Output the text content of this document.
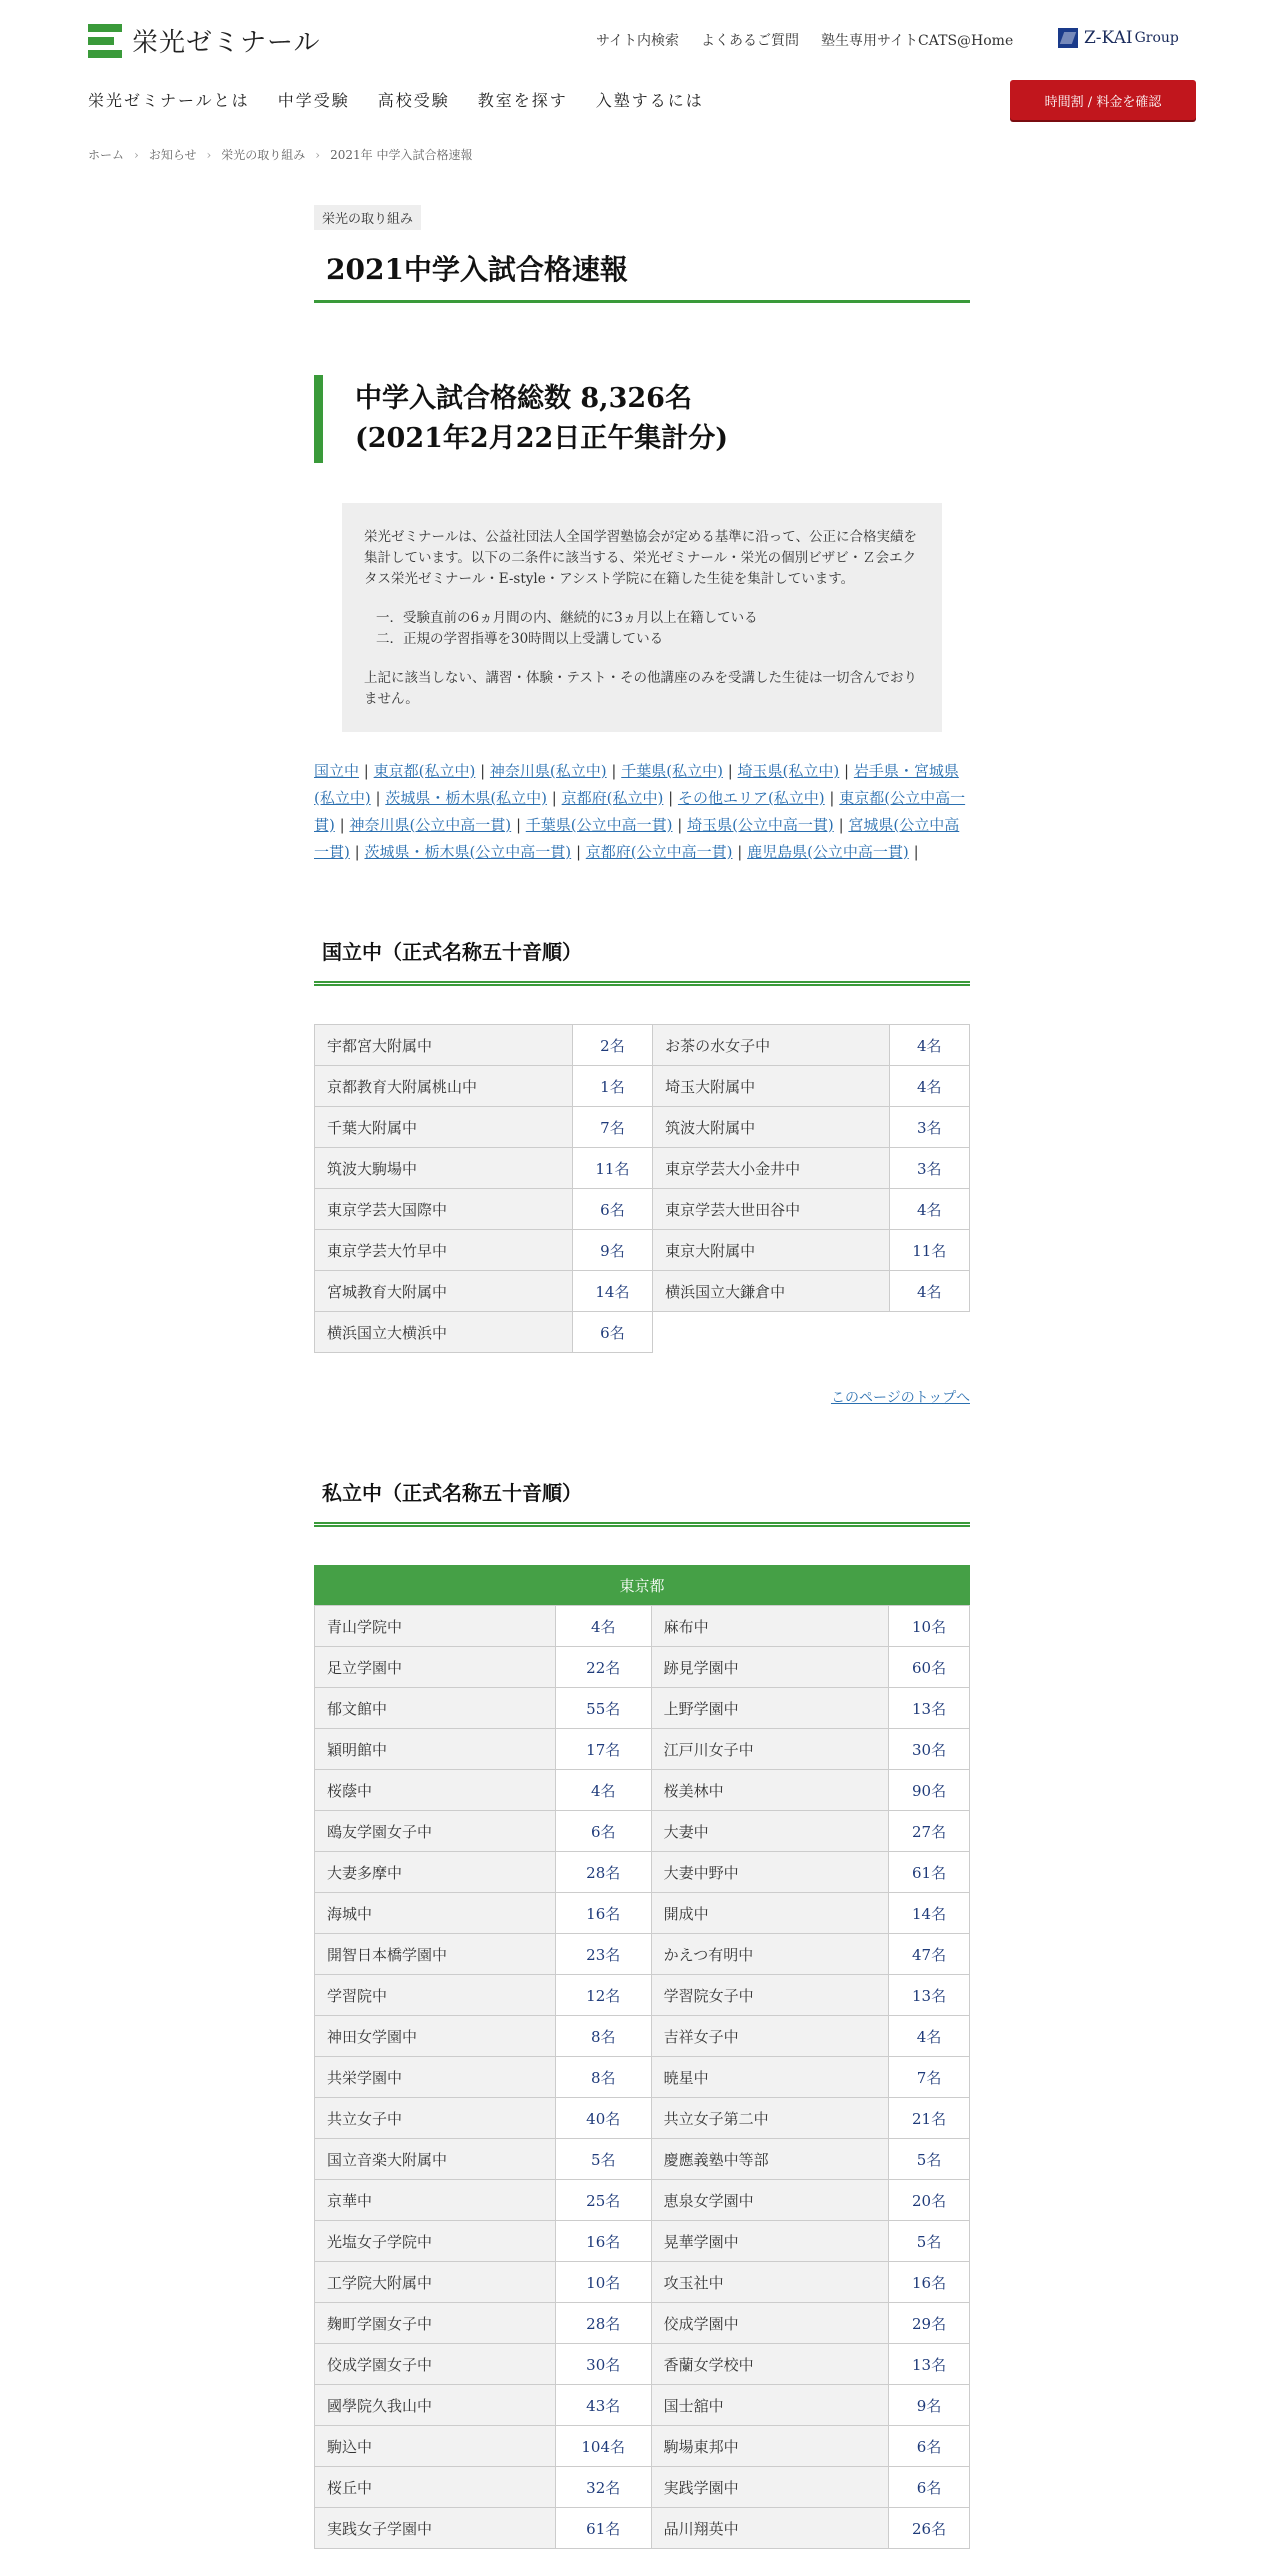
栄光ゼミナール	サイト内検索 よくあるご質問 塾生専用サイトCATS@Home	Z-KAI Group
栄光ゼミナールとは 中学受験 高校受験 教室を探す 入塾するには	時間割 / 料金を確認
ホーム › お知らせ › 栄光の取り組み › 2021年 中学入試合格速報
栄光の取り組み
2021中学入試合格速報
中学入試合格総数 8,326名
(2021年2月22日正午集計分)

栄光ゼミナールは、公益社団法人全国学習塾協会が定める基準に沿って、公正に合格実績を集計しています。以下の二条件に該当する、栄光ゼミナール・栄光の個別ビザビ・Ｚ会エクタス栄光ゼミナール・E-style・アシスト学院に在籍した生徒を集計しています。

一．受験直前の6ヵ月間の内、継続的に3ヵ月以上在籍している
二．正規の学習指導を30時間以上受講している

上記に該当しない、講習・体験・テスト・その他講座のみを受講した生徒は一切含んでおりません。

国立中 | 東京都(私立中) | 神奈川県(私立中) | 千葉県(私立中) | 埼玉県(私立中) | 岩手県・宮城県(私立中) | 茨城県・栃木県(私立中) | 京都府(私立中) | その他エリア(私立中) | 東京都(公立中高一貫) | 神奈川県(公立中高一貫) | 千葉県(公立中高一貫) | 埼玉県(公立中高一貫) | 宮城県(公立中高一貫) | 茨城県・栃木県(公立中高一貫) | 京都府(公立中高一貫) | 鹿児島県(公立中高一貫) |
国立中（正式名称五十音順）
宇都宮大附属中	2名	お茶の水女子中	4名
京都教育大附属桃山中	1名	埼玉大附属中	4名
千葉大附属中	7名	筑波大附属中	3名
筑波大駒場中	11名	東京学芸大小金井中	3名
東京学芸大国際中	6名	東京学芸大世田谷中	4名
東京学芸大竹早中	9名	東京大附属中	11名
宮城教育大附属中	14名	横浜国立大鎌倉中	4名
横浜国立大横浜中	6名		
このページのトップへ
私立中（正式名称五十音順）
東京都
青山学院中	4名	麻布中	10名
足立学園中	22名	跡見学園中	60名
郁文館中	55名	上野学園中	13名
穎明館中	17名	江戸川女子中	30名
桜蔭中	4名	桜美林中	90名
鴎友学園女子中	6名	大妻中	27名
大妻多摩中	28名	大妻中野中	61名
海城中	16名	開成中	14名
開智日本橋学園中	23名	かえつ有明中	47名
学習院中	12名	学習院女子中	13名
神田女学園中	8名	吉祥女子中	4名
共栄学園中	8名	暁星中	7名
共立女子中	40名	共立女子第二中	21名
国立音楽大附属中	5名	慶應義塾中等部	5名
京華中	25名	恵泉女学園中	20名
光塩女子学院中	16名	晃華学園中	5名
工学院大附属中	10名	攻玉社中	16名
麹町学園女子中	28名	佼成学園中	29名
佼成学園女子中	30名	香蘭女学校中	13名
國學院久我山中	43名	国士舘中	9名
駒込中	104名	駒場東邦中	6名
桜丘中	32名	実践学園中	6名
実践女子学園中	61名	品川翔英中	26名
